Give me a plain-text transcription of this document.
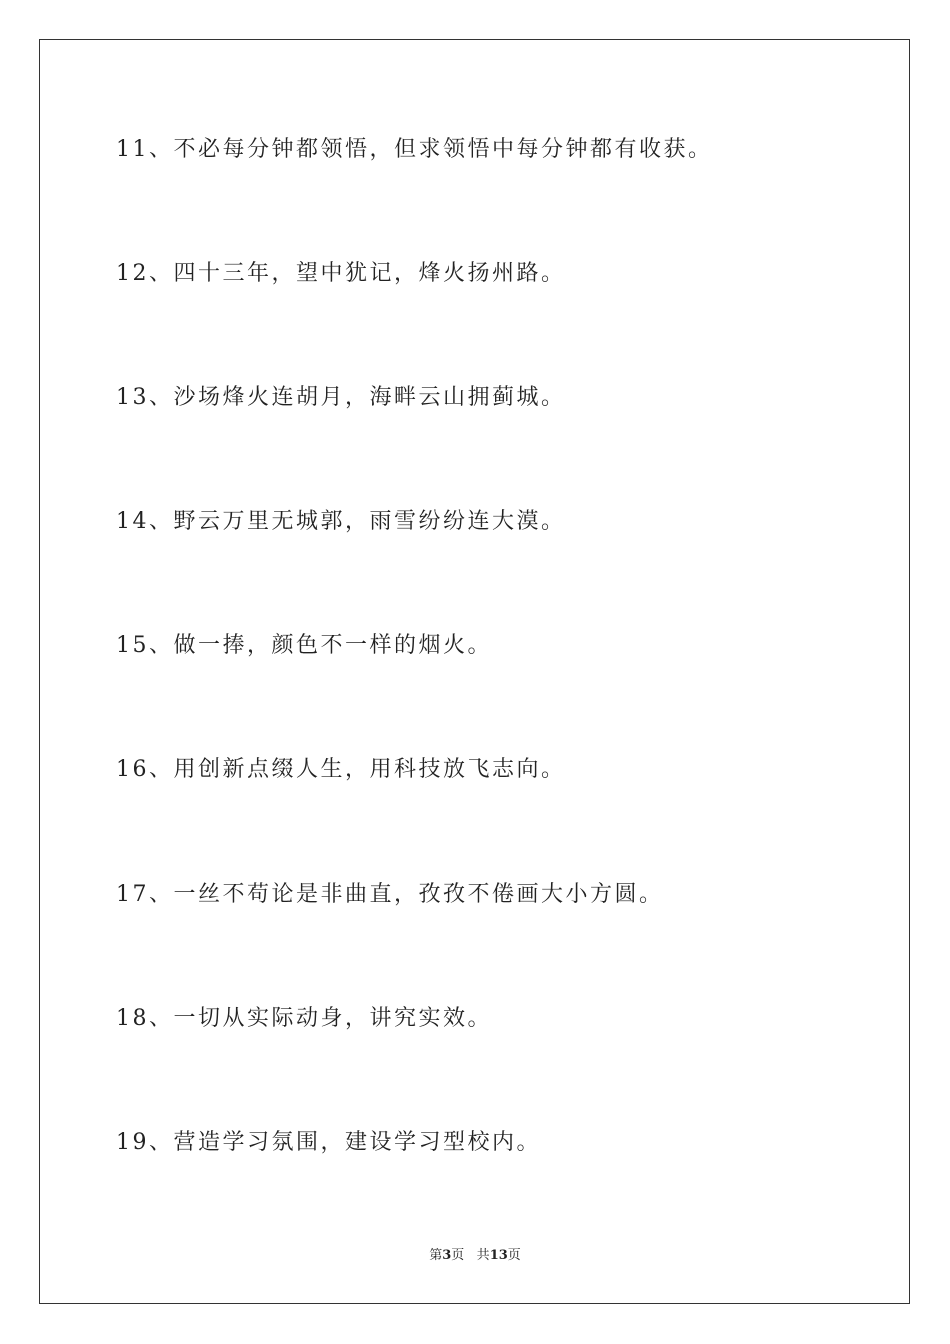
11、不必每分钟都领悟，但求领悟中每分钟都有收获。
12、四十三年，望中犹记，烽火扬州路。
13、沙场烽火连胡月，海畔云山拥蓟城。
14、野云万里无城郭，雨雪纷纷连大漠。
15、做一捧，颜色不一样的烟火。
16、用创新点缀人生，用科技放飞志向。
17、一丝不苟论是非曲直，孜孜不倦画大小方圆。
18、一切从实际动身，讲究实效。
19、营造学习氛围，建设学习型校内。
第3页 共13页
